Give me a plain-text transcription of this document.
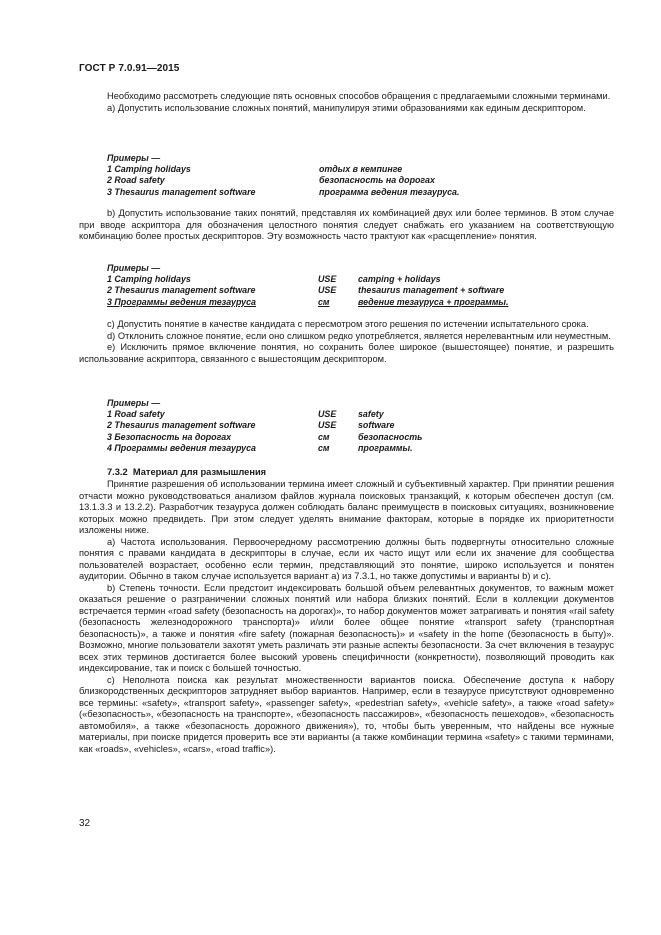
ГОСТ Р 7.0.91—2015

Необходимо рассмотреть следующие пять основных способов обращения с предлагаемыми сложными терминами.

а) Допустить использование сложных понятий, манипулируя этими образованиями как единым дескриптором.

Примеры —
1 Camping holidays	отдых в кемпинге
2 Road safety	безопасность на дорогах
3 Thesaurus management software	программа ведения тезауруса.

b) Допустить использование таких понятий, представляя их комбинацией двух или более терминов. В этом случае при вводе аскриптора для обозначения целостного понятия следует снабжать его указанием на соответствующую комбинацию более простых дескрипторов. Эту возможность часто трактуют как «расщепление» понятия.

Примеры —
1 Camping holidays	USE camping + holidays
2 Thesaurus management software	USE thesaurus management + software
3 Программы ведения тезауруса	см	ведение тезауруса + программы.

с) Допустить понятие в качестве кандидата с пересмотром этого решения по истечении испытательного срока.

d) Отклонить сложное понятие, если оно слишком редко употребляется, является нерелевантным или неуместным.

е) Исключить прямое включение понятия, но сохранить более широкое (вышестоящее) понятие, и разрешить использование аскриптора, связанного с вышестоящим дескриптором.

Примеры —
1 Road safety	USE safety
2 Thesaurus management software	USE software
3 Безопасность на дорогах	см	безопасность
4 Программы ведения тезауруса	см	программы.
7.3.2 Материал для размышления

Принятие разрешения об использовании термина имеет сложный и субъективный характер. При принятии решения отчасти можно руководствоваться анализом файлов журнала поисковых транзакций, к которым обеспечен доступ (см. 13.1.3.3 и 13.2.2). Разработчик тезауруса должен соблюдать баланс преимуществ в поисковых ситуациях, возникновение которых можно предвидеть. При этом следует уделять внимание факторам, которые в порядке их приоритетности изложены ниже.

а) Частота использования. Первоочередному рассмотрению должны быть подвергнуты относительно сложные понятия с правами кандидата в дескрипторы в случае, если их часто ищут или если их значение для сообщества пользователей возрастает, особенно если термин, представляющий это понятие, широко используется и понятен аудитории. Обычно в таком случае используется вариант а) из 7.3.1, но также допустимы и варианты b) и с).

b) Степень точности. Если предстоит индексировать большой объем релевантных документов, то важным может оказаться решение о разграничении сложных понятий или набора близких понятий. Если в коллекции документов встречается термин «road safety (безопасность на дорогах)», то набор документов может затрагивать и понятия «rail safety (безопасность железнодорожного транспорта)» и/или более общее понятие «transport safety (транспортная безопасность)», а также и понятия «fire safety (пожарная безопасность)» и «safety in the home (безопасность в быту)». Возможно, многие пользователи захотят уметь различать эти разные аспекты безопасности. За счет включения в тезаурус всех этих терминов достигается более высокий уровень специфичности (конкретности), позволяющий проводить как индексирование, так и поиск с большей точностью.

с) Неполнота поиска как результат множественности вариантов поиска. Обеспечение доступа к набору близкородственных дескрипторов затрудняет выбор вариантов. Например, если в тезаурусе присутствуют одновременно все термины: «safety», «transport safety», «passenger safety», «pedestrian safety», «vehicle safety», а также «road safety» («безопасность», «безопасность на транспорте», «безопасность пассажиров», «безопасность пешеходов», «безопасность автомобиля», а также «безопасность дорожного движения»), то, чтобы быть уверенным, что найдены все нужные материалы, при поиске придется проверить все эти варианты (а также комбинации термина «safety» с такими терминами, как «roads», «vehicles», «cars», «road traffic»).

32
